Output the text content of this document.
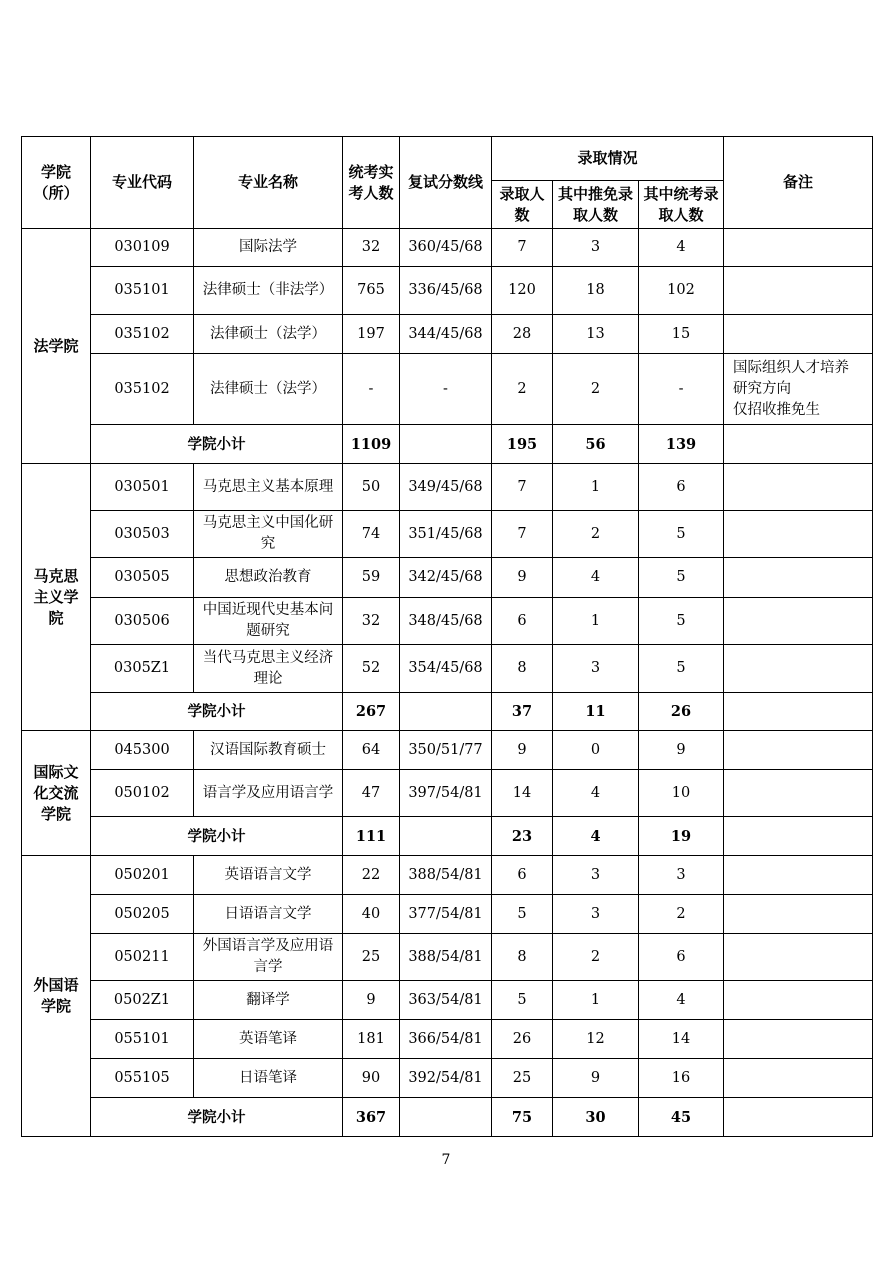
学院（所）	专业代码	专业名称	统考实考人数	复试分数线	录取情况			备注
					录取人数	其中推免录取人数	其中统考录取人数	
法学院	030109	国际法学	32	360/45/68	7	3	4	
	035101	法律硕士（非法学）	765	336/45/68	120	18	102	
	035102	法律硕士（法学）	197	344/45/68	28	13	15	
	035102	法律硕士（法学）	-	-	2	2	-	国际组织人才培养
研究方向
仅招收推免生
	学院小计		1109		195	56	139	
马克思
主义学
院	030501	马克思主义基本原理	50	349/45/68	7	1	6	
	030503	马克思主义中国化研究	74	351/45/68	7	2	5	
	030505	思想政治教育	59	342/45/68	9	4	5	
	030506	中国近现代史基本问题研究	32	348/45/68	6	1	5	
	0305Z1	当代马克思主义经济理论	52	354/45/68	8	3	5	
	学院小计		267		37	11	26	
国际文
化交流
学院	045300	汉语国际教育硕士	64	350/51/77	9	0	9	
	050102	语言学及应用语言学	47	397/54/81	14	4	10	
	学院小计		111		23	4	19	
外国语
学院	050201	英语语言文学	22	388/54/81	6	3	3	
	050205	日语语言文学	40	377/54/81	5	3	2	
	050211	外国语言学及应用语言学	25	388/54/81	8	2	6	
	0502Z1	翻译学	9	363/54/81	5	1	4	
	055101	英语笔译	181	366/54/81	26	12	14	
	055105	日语笔译	90	392/54/81	25	9	16	
	学院小计		367		75	30	45	
7
